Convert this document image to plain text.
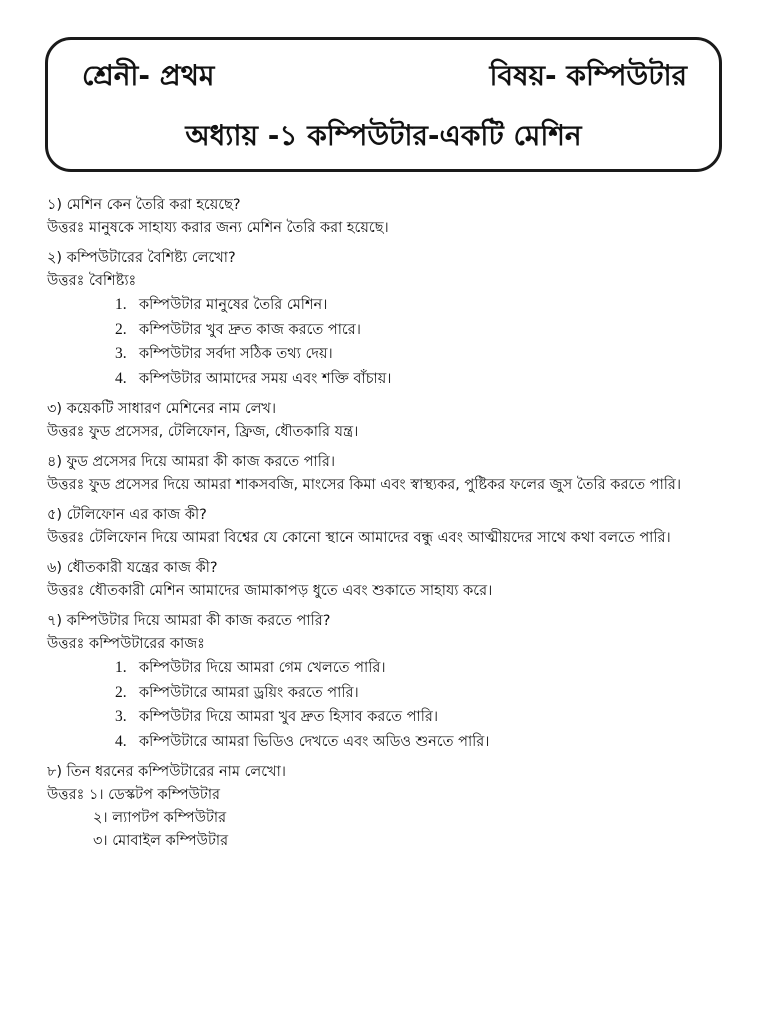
শ্রেনী- প্রথম	বিষয়- কম্পিউটার
অধ্যায় -১ কম্পিউটার-একটি মেশিন
১) মেশিন কেন তৈরি করা হয়েছে?
উত্তরঃ মানুষকে সাহায্য করার জন্য মেশিন তৈরি করা হয়েছে।
২) কম্পিউটারের বৈশিষ্ট্য লেখো?
উত্তরঃ বৈশিষ্ট্যঃ
1. কম্পিউটার মানুষের তৈরি মেশিন।
2. কম্পিউটার খুব দ্রুত কাজ করতে পারে।
3. কম্পিউটার সর্বদা সঠিক তথ্য দেয়।
4. কম্পিউটার আমাদের সময় এবং শক্তি বাঁচায়।
৩) কয়েকটি সাধারণ মেশিনের নাম লেখ।
উত্তরঃ ফুড প্রসেসর, টেলিফোন, ফ্রিজ, ধৌতকারি যন্ত্র।
৪) ফুড প্রসেসর দিয়ে আমরা কী কাজ করতে পারি।
উত্তরঃ ফুড প্রসেসর দিয়ে আমরা শাকসবজি, মাংসের কিমা এবং স্বাস্থ্যকর, পুষ্টিকর ফলের জুস তৈরি করতে পারি।
৫) টেলিফোন এর কাজ কী?
উত্তরঃ টেলিফোন দিয়ে আমরা বিশ্বের যে কোনো স্থানে আমাদের বন্ধু এবং আত্মীয়দের সাথে কথা বলতে পারি।
৬) ধৌতকারী যন্ত্রের কাজ কী?
উত্তরঃ ধৌতকারী মেশিন আমাদের জামাকাপড় ধুতে এবং শুকাতে সাহায্য করে।
৭) কম্পিউটার দিয়ে আমরা কী কাজ করতে পারি?
উত্তরঃ কম্পিউটারের কাজঃ
1. কম্পিউটার দিয়ে আমরা গেম খেলতে পারি।
2. কম্পিউটারে আমরা ড্রয়িং করতে পারি।
3. কম্পিউটার দিয়ে আমরা খুব দ্রুত হিসাব করতে পারি।
4. কম্পিউটারে আমরা ভিডিও দেখতে এবং অডিও শুনতে পারি।
৮) তিন ধরনের কম্পিউটারের নাম লেখো।
উত্তরঃ ১। ডেস্কটপ কম্পিউটার
২। ল্যাপটপ কম্পিউটার
৩। মোবাইল কম্পিউটার
